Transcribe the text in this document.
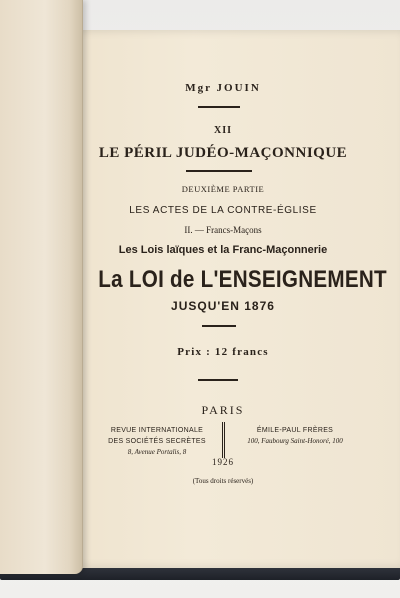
Mgr JOUIN
XII
LE PÉRIL JUDÉO-MAÇONNIQUE
DEUXIÈME PARTIE
LES ACTES DE LA CONTRE-ÉGLISE
II. — Francs-Maçons
Les Lois laïques et la Franc-Maçonnerie
La LOI de L'ENSEIGNEMENT
JUSQU'EN 1876
Prix : 12 francs
PARIS
REVUE INTERNATIONALE
DES SOCIÉTÉS SECRÈTES
8, Avenue Portalis, 8
ÉMILE-PAUL FRÈRES
100, Faubourg Saint-Honoré, 100
1926
(Tous droits réservés)
